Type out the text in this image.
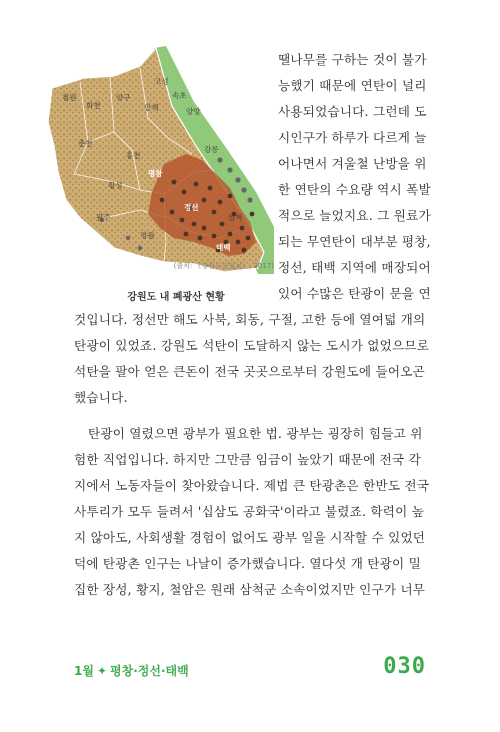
철원
화천
양구
고성
속초
인제	양양
춘천
홍천
강릉
횡성
평창
정선
원주
영월
삼척
태백
(출처: 《강원도민일보》, 2017)
강원도 내 폐광산 현황
땔나무를 구하는 것이 불가
능했기 때문에 연탄이 널리
사용되었습니다. 그런데 도
시인구가 하루가 다르게 늘
어나면서 겨울철 난방을 위
한 연탄의 수요량 역시 폭발
적으로 늘었지요. 그 원료가
되는 무연탄이 대부분 평창,
정선, 태백 지역에 매장되어
있어 수많은 탄광이 문을 연
것입니다. 정선만 해도 사북, 회동, 구절, 고한 등에 열여덟 개의
탄광이 있었죠. 강원도 석탄이 도달하지 않는 도시가 없었으므로
석탄을 팔아 얻은 큰돈이 전국 곳곳으로부터 강원도에 들어오곤
했습니다.
탄광이 열렸으면 광부가 필요한 법. 광부는 굉장히 힘들고 위
험한 직업입니다. 하지만 그만큼 임금이 높았기 때문에 전국 각
지에서 노동자들이 찾아왔습니다. 제법 큰 탄광촌은 한반도 전국
사투리가 모두 들려서 '십삼도 공화국'이라고 불렸죠. 학력이 높
지 않아도, 사회생활 경험이 없어도 광부 일을 시작할 수 있었던
덕에 탄광촌 인구는 나날이 증가했습니다. 열다섯 개 탄광이 밀
집한 장성, 황지, 철암은 원래 삼척군 소속이었지만 인구가 너무
1월 ✦ 평창·정선·태백	030
